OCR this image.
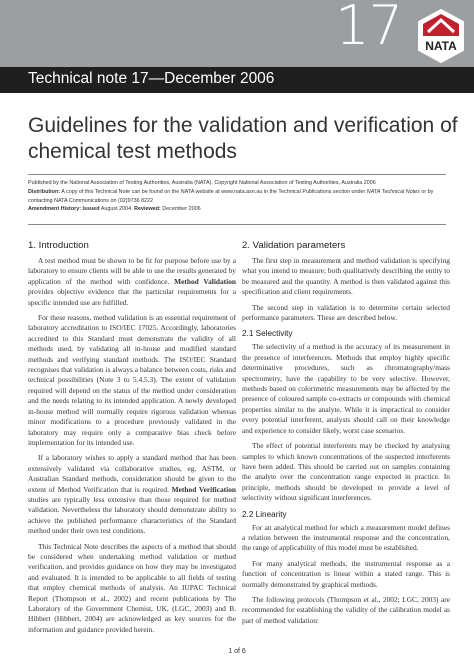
17 NATA
Technical note 17—December 2006
Guidelines for the validation and verification of chemical test methods
Published by the National Association of Testing Authorities, Australia (NATA). Copyright National Association of Testing Authorities, Australia 2006
Distribution: A copy of this Technical Note can be found on the NATA website at www.nata.asn.au in the Technical Publications section under NATA Technical Notes or by contacting NATA Communications on (02)9736 8222
Amendment History: Issued August 2004. Reviewed: December 2006
1. Introduction
A test method must be shown to be fit for purpose before use by a laboratory to ensure clients will be able to use the results generated by application of the method with confidence. Method Validation provides objective evidence that the particular requirements for a specific intended use are fulfilled.
For these reasons, method validation is an essential requirement of laboratory accreditation to ISO/IEC 17025. Accordingly, laboratories accredited to this Standard must demonstrate the validity of all methods used, by validating all in-house and modified standard methods and verifying standard methods. The ISO/IEC Standard recognises that validation is always a balance between costs, risks and technical possibilities (Note 3 to 5.4.5.3). The extent of validation required will depend on the status of the method under consideration and the needs relating to its intended application. A newly developed in-house method will normally require rigorous validation whereas minor modifications to a procedure previously validated in the laboratory may require only a comparative bias check before implementation for its intended use.
If a laboratory wishes to apply a standard method that has been extensively validated via collaborative studies, eg. ASTM, or Australian Standard methods, consideration should be given to the extent of Method Verification that is required. Method Verification studies are typically less extensive than those required for method validation. Nevertheless the laboratory should demonstrate ability to achieve the published performance characteristics of the Standard method under their own test conditions.
This Technical Note describes the aspects of a method that should be considered when undertaking method validation or method verification, and provides guidance on how they may be investigated and evaluated. It is intended to be applicable to all fields of testing that employ chemical methods of analysis. An IUPAC Technical Report (Thompson et al., 2002) and recent publications by The Laboratory of the Government Chemist, UK, (LGC, 2003) and B. Hibbert (Hibbert, 2004) are acknowledged as key sources for the information and guidance provided herein.
2. Validation parameters
The first step in measurement and method validation is specifying what you intend to measure; both qualitatively describing the entity to be measured and the quantity. A method is then validated against this specification and client requirements.
The second step in validation is to determine certain selected performance parameters. These are described below.
2.1 Selectivity
The selectivity of a method is the accuracy of its measurement in the presence of interferences. Methods that employ highly specific determinative procedures, such as chromatography/mass spectrometry, have the capability to be very selective. However, methods based on colorimetric measurements may be affected by the presence of coloured sample co-extracts or compounds with chemical properties similar to the analyte. While it is impractical to consider every potential interferent, analysts should call on their knowledge and experience to consider likely, worst case scenarios.
The effect of potential interferents may be checked by analysing samples to which known concentrations of the suspected interferents have been added. This should be carried out on samples containing the analyte over the concentration range expected in practice. In principle, methods should be developed to provide a level of selectivity without significant interferences.
2.2 Linearity
For an analytical method for which a measurement model defines a relation between the instrumental response and the concentration, the range of applicability of this model must be established.
For many analytical methods, the instrumental response as a function of concentration is linear within a stated range. This is normally demonstrated by graphical methods.
The following protocols (Thompson et al., 2002; LGC, 2003) are recommended for establishing the validity of the calibration model as part of method validation:
1 of 6
